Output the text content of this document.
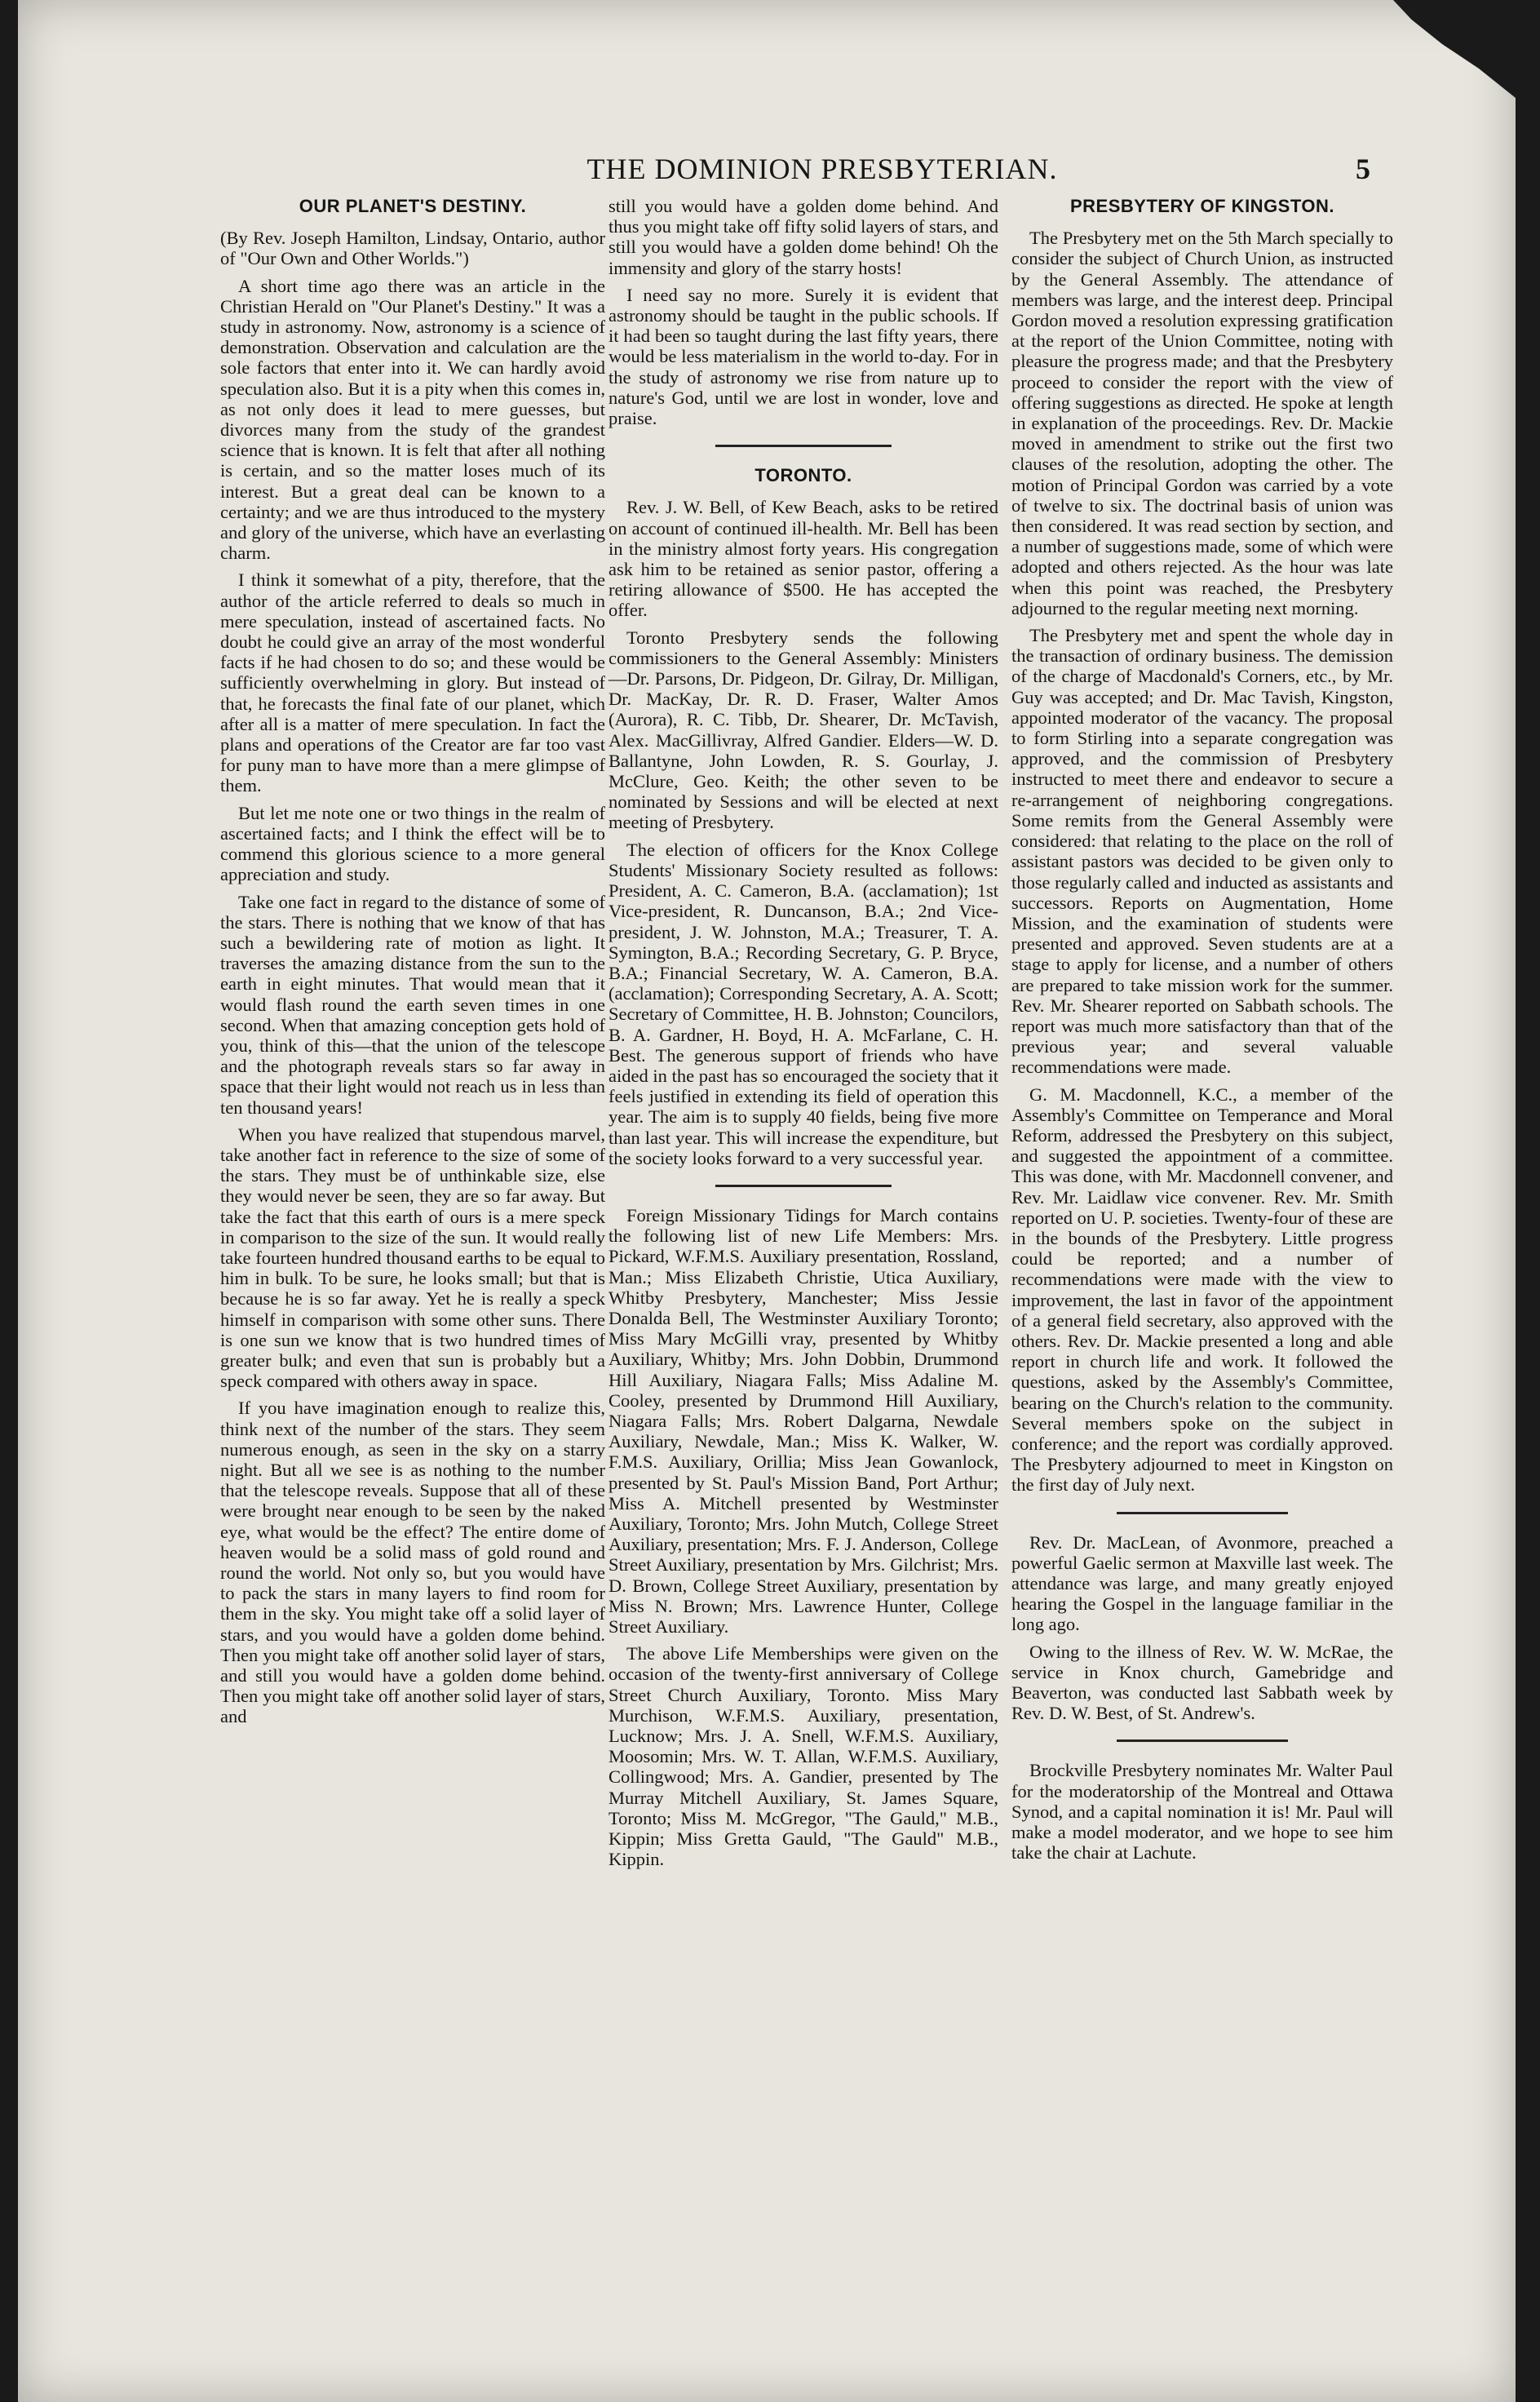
THE DOMINION PRESBYTERIAN.	5
OUR PLANET'S DESTINY.

(By Rev. Joseph Hamilton, Lindsay, Ontario, author of "Our Own and Other Worlds.")

A short time ago there was an article in the Christian Herald on "Our Planet's Destiny." It was a study in astronomy. Now, astronomy is a science of demonstration. Observation and calculation are the sole factors that enter into it. We can hardly avoid speculation also. But it is a pity when this comes in, as not only does it lead to mere guesses, but divorces many from the study of the grandest science that is known. It is felt that after all nothing is certain, and so the matter loses much of its interest. But a great deal can be known to a certainty; and we are thus introduced to the mystery and glory of the universe, which have an everlasting charm.

I think it somewhat of a pity, therefore, that the author of the article referred to deals so much in mere speculation, instead of ascertained facts. No doubt he could give an array of the most wonderful facts if he had chosen to do so; and these would be sufficiently overwhelming in glory. But instead of that, he forecasts the final fate of our planet, which after all is a matter of mere speculation. In fact the plans and operations of the Creator are far too vast for puny man to have more than a mere glimpse of them.

But let me note one or two things in the realm of ascertained facts; and I think the effect will be to commend this glorious science to a more general appreciation and study.

Take one fact in regard to the distance of some of the stars. There is nothing that we know of that has such a bewildering rate of motion as light. It traverses the amazing distance from the sun to the earth in eight minutes. That would mean that it would flash round the earth seven times in one second. When that amazing conception gets hold of you, think of this—that the union of the telescope and the photograph reveals stars so far away in space that their light would not reach us in less than ten thousand years!

When you have realized that stupendous marvel, take another fact in reference to the size of some of the stars. They must be of unthinkable size, else they would never be seen, they are so far away. But take the fact that this earth of ours is a mere speck in comparison to the size of the sun. It would really take fourteen hundred thousand earths to be equal to him in bulk. To be sure, he looks small; but that is because he is so far away. Yet he is really a speck himself in comparison with some other suns. There is one sun we know that is two hundred times of greater bulk; and even that sun is probably but a speck compared with others away in space.

If you have imagination enough to realize this, think next of the number of the stars. They seem numerous enough, as seen in the sky on a starry night. But all we see is as nothing to the number that the telescope reveals. Suppose that all of these were brought near enough to be seen by the naked eye, what would be the effect? The entire dome of heaven would be a solid mass of gold round and round the world. Not only so, but you would have to pack the stars in many layers to find room for them in the sky. You might take off a solid layer of stars, and you would have a golden dome behind. Then you might take off another solid layer of stars, and still you would have a golden dome behind. Then you might take off another solid layer of stars, and

still you would have a golden dome behind. And thus you might take off fifty solid layers of stars, and still you would have a golden dome behind! Oh the immensity and glory of the starry hosts!

I need say no more. Surely it is evident that astronomy should be taught in the public schools. If it had been so taught during the last fifty years, there would be less materialism in the world to-day. For in the study of astronomy we rise from nature up to nature's God, until we are lost in wonder, love and praise.

TORONTO.

Rev. J. W. Bell, of Kew Beach, asks to be retired on account of continued ill-health. Mr. Bell has been in the ministry almost forty years. His congregation ask him to be retained as senior pastor, offering a retiring allowance of $500. He has accepted the offer.

Toronto Presbytery sends the following commissioners to the General Assembly: Ministers—Dr. Parsons, Dr. Pidgeon, Dr. Gilray, Dr. Milligan, Dr. MacKay, Dr. R. D. Fraser, Walter Amos (Aurora), R. C. Tibb, Dr. Shearer, Dr. McTavish, Alex. MacGillivray, Alfred Gandier. Elders—W. D. Ballantyne, John Lowden, R. S. Gourlay, J. McClure, Geo. Keith; the other seven to be nominated by Sessions and will be elected at next meeting of Presbytery.

The election of officers for the Knox College Students' Missionary Society resulted as follows: President, A. C. Cameron, B.A. (acclamation); 1st Vice-president, R. Duncanson, B.A.; 2nd Vice-president, J. W. Johnston, M.A.; Treasurer, T. A. Symington, B.A.; Recording Secretary, G. P. Bryce, B.A.; Financial Secretary, W. A. Cameron, B.A. (acclamation); Corresponding Secretary, A. A. Scott; Secretary of Committee, H. B. Johnston; Councilors, B. A. Gardner, H. Boyd, H. A. McFarlane, C. H. Best. The generous support of friends who have aided in the past has so encouraged the society that it feels justified in extending its field of operation this year. The aim is to supply 40 fields, being five more than last year. This will increase the expenditure, but the society looks forward to a very successful year.

Foreign Missionary Tidings for March contains the following list of new Life Members: Mrs. Pickard, W.F.M.S. Auxiliary presentation, Rossland, Man.; Miss Elizabeth Christie, Utica Auxiliary, Whitby Presbytery, Manchester; Miss Jessie Donalda Bell, The Westminster Auxiliary Toronto; Miss Mary McGilli vray, presented by Whitby Auxiliary, Whitby; Mrs. John Dobbin, Drummond Hill Auxiliary, Niagara Falls; Miss Adaline M. Cooley, presented by Drummond Hill Auxiliary, Niagara Falls; Mrs. Robert Dalgarna, Newdale Auxiliary, Newdale, Man.; Miss K. Walker, W. F.M.S. Auxiliary, Orillia; Miss Jean Gowanlock, presented by St. Paul's Mission Band, Port Arthur; Miss A. Mitchell presented by Westminster Auxiliary, Toronto; Mrs. John Mutch, College Street Auxiliary, presentation; Mrs. F. J. Anderson, College Street Auxiliary, presentation by Mrs. Gilchrist; Mrs. D. Brown, College Street Auxiliary, presentation by Miss N. Brown; Mrs. Lawrence Hunter, College Street Auxiliary.

The above Life Memberships were given on the occasion of the twenty-first anniversary of College Street Church Auxiliary, Toronto. Miss Mary Murchison, W.F.M.S. Auxiliary, presentation, Lucknow; Mrs. J. A. Snell, W.F.M.S. Auxiliary, Moosomin; Mrs. W. T. Allan, W.F.M.S. Auxiliary, Collingwood; Mrs. A. Gandier, presented by The Murray Mitchell Auxiliary, St. James Square, Toronto; Miss M. McGregor, "The Gauld," M.B., Kippin; Miss Gretta Gauld, "The Gauld" M.B., Kippin.

PRESBYTERY OF KINGSTON.

The Presbytery met on the 5th March specially to consider the subject of Church Union, as instructed by the General Assembly. The attendance of members was large, and the interest deep. Principal Gordon moved a resolution expressing gratification at the report of the Union Committee, noting with pleasure the progress made; and that the Presbytery proceed to consider the report with the view of offering suggestions as directed. He spoke at length in explanation of the proceedings. Rev. Dr. Mackie moved in amendment to strike out the first two clauses of the resolution, adopting the other. The motion of Principal Gordon was carried by a vote of twelve to six. The doctrinal basis of union was then considered. It was read section by section, and a number of suggestions made, some of which were adopted and others rejected. As the hour was late when this point was reached, the Presbytery adjourned to the regular meeting next morning.

The Presbytery met and spent the whole day in the transaction of ordinary business. The demission of the charge of Macdonald's Corners, etc., by Mr. Guy was accepted; and Dr. Mac Tavish, Kingston, appointed moderator of the vacancy. The proposal to form Stirling into a separate congregation was approved, and the commission of Presbytery instructed to meet there and endeavor to secure a re-arrangement of neighboring congregations. Some remits from the General Assembly were considered: that relating to the place on the roll of assistant pastors was decided to be given only to those regularly called and inducted as assistants and successors. Reports on Augmentation, Home Mission, and the examination of students were presented and approved. Seven students are at a stage to apply for license, and a number of others are prepared to take mission work for the summer. Rev. Mr. Shearer reported on Sabbath schools. The report was much more satisfactory than that of the previous year; and several valuable recommendations were made.

G. M. Macdonnell, K.C., a member of the Assembly's Committee on Temperance and Moral Reform, addressed the Presbytery on this subject, and suggested the appointment of a committee. This was done, with Mr. Macdonnell convener, and Rev. Mr. Laidlaw vice convener. Rev. Mr. Smith reported on U. P. societies. Twenty-four of these are in the bounds of the Presbytery. Little progress could be reported; and a number of recommendations were made with the view to improvement, the last in favor of the appointment of a general field secretary, also approved with the others. Rev. Dr. Mackie presented a long and able report in church life and work. It followed the questions, asked by the Assembly's Committee, bearing on the Church's relation to the community. Several members spoke on the subject in conference; and the report was cordially approved. The Presbytery adjourned to meet in Kingston on the first day of July next.

Rev. Dr. MacLean, of Avonmore, preached a powerful Gaelic sermon at Maxville last week. The attendance was large, and many greatly enjoyed hearing the Gospel in the language familiar in the long ago.

Owing to the illness of Rev. W. W. McRae, the service in Knox church, Gamebridge and Beaverton, was conducted last Sabbath week by Rev. D. W. Best, of St. Andrew's.

Brockville Presbytery nominates Mr. Walter Paul for the moderatorship of the Montreal and Ottawa Synod, and a capital nomination it is! Mr. Paul will make a model moderator, and we hope to see him take the chair at Lachute.
